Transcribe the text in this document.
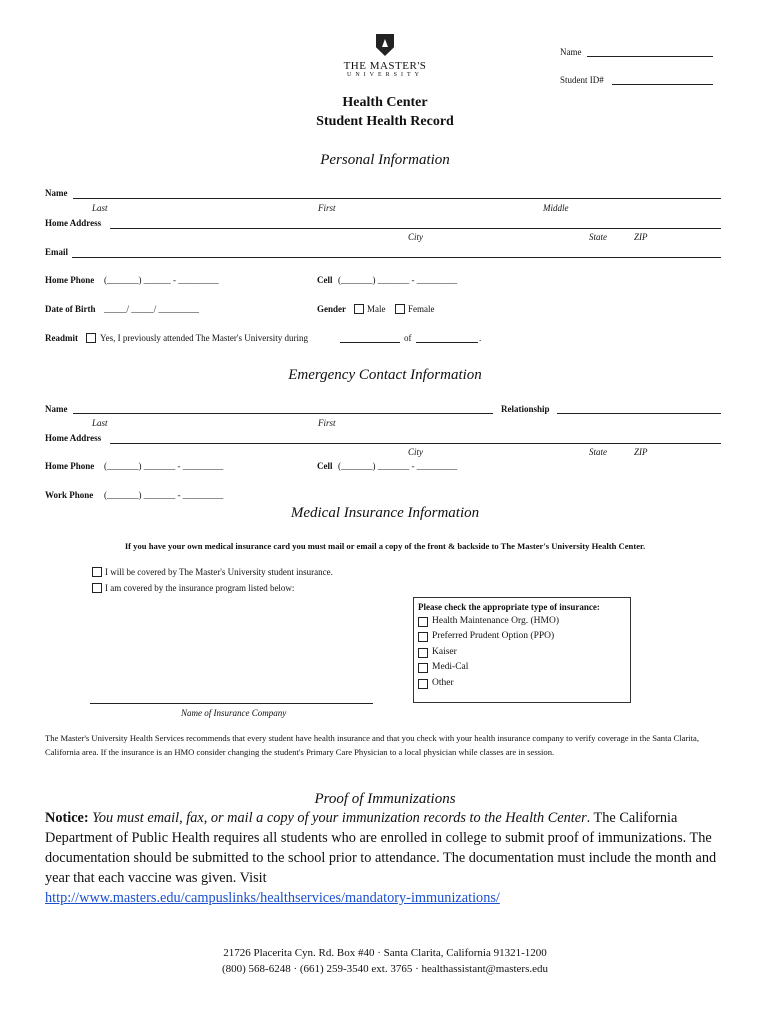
THE MASTER'S
UNIVERSITY
Name
Student ID#
Health Center
Student Health Record
Personal Information
Name
Last	First	Middle
Home Address
City	State	ZIP
Email
Home Phone (_______) ______ - _________	Cell (_______) _______ - _________
Date of Birth _____/ _____/ _________	Gender Male	Female
Readmit Yes, I previously attended The Master's University during	of	.
Emergency Contact Information
Name	Relationship
Last	First
Home Address
City	State	ZIP
Home Phone (_______) _______ - _________	Cell (_______) _______ - _________
Work Phone (_______) _______ - _________
Medical Insurance Information
If you have your own medical insurance card you must mail or email a copy of the front & backside to The Master's University Health Center.
I will be covered by The Master's University student insurance.
I am covered by the insurance program listed below:
Please check the appropriate type of insurance:
Health Maintenance Org. (HMO)
Preferred Prudent Option (PPO)
Kaiser
Medi-Cal
Other
Name of Insurance Company
The Master's University Health Services recommends that every student have health insurance and that you check with your health insurance company to verify coverage in the Santa Clarita, California area. If the insurance is an HMO consider changing the student's Primary Care Physician to a local physician while classes are in session.
Proof of Immunizations
Notice: You must email, fax, or mail a copy of your immunization records to the Health Center. The California Department of Public Health requires all students who are enrolled in college to submit proof of immunizations. The documentation should be submitted to the school prior to attendance. The documentation must include the month and year that each vaccine was given. Visit
http://www.masters.edu/campuslinks/healthservices/mandatory-immunizations/
21726 Placerita Cyn. Rd. Box #40 · Santa Clarita, California 91321-1200
(800) 568-6248 · (661) 259-3540 ext. 3765 · healthassistant@masters.edu
